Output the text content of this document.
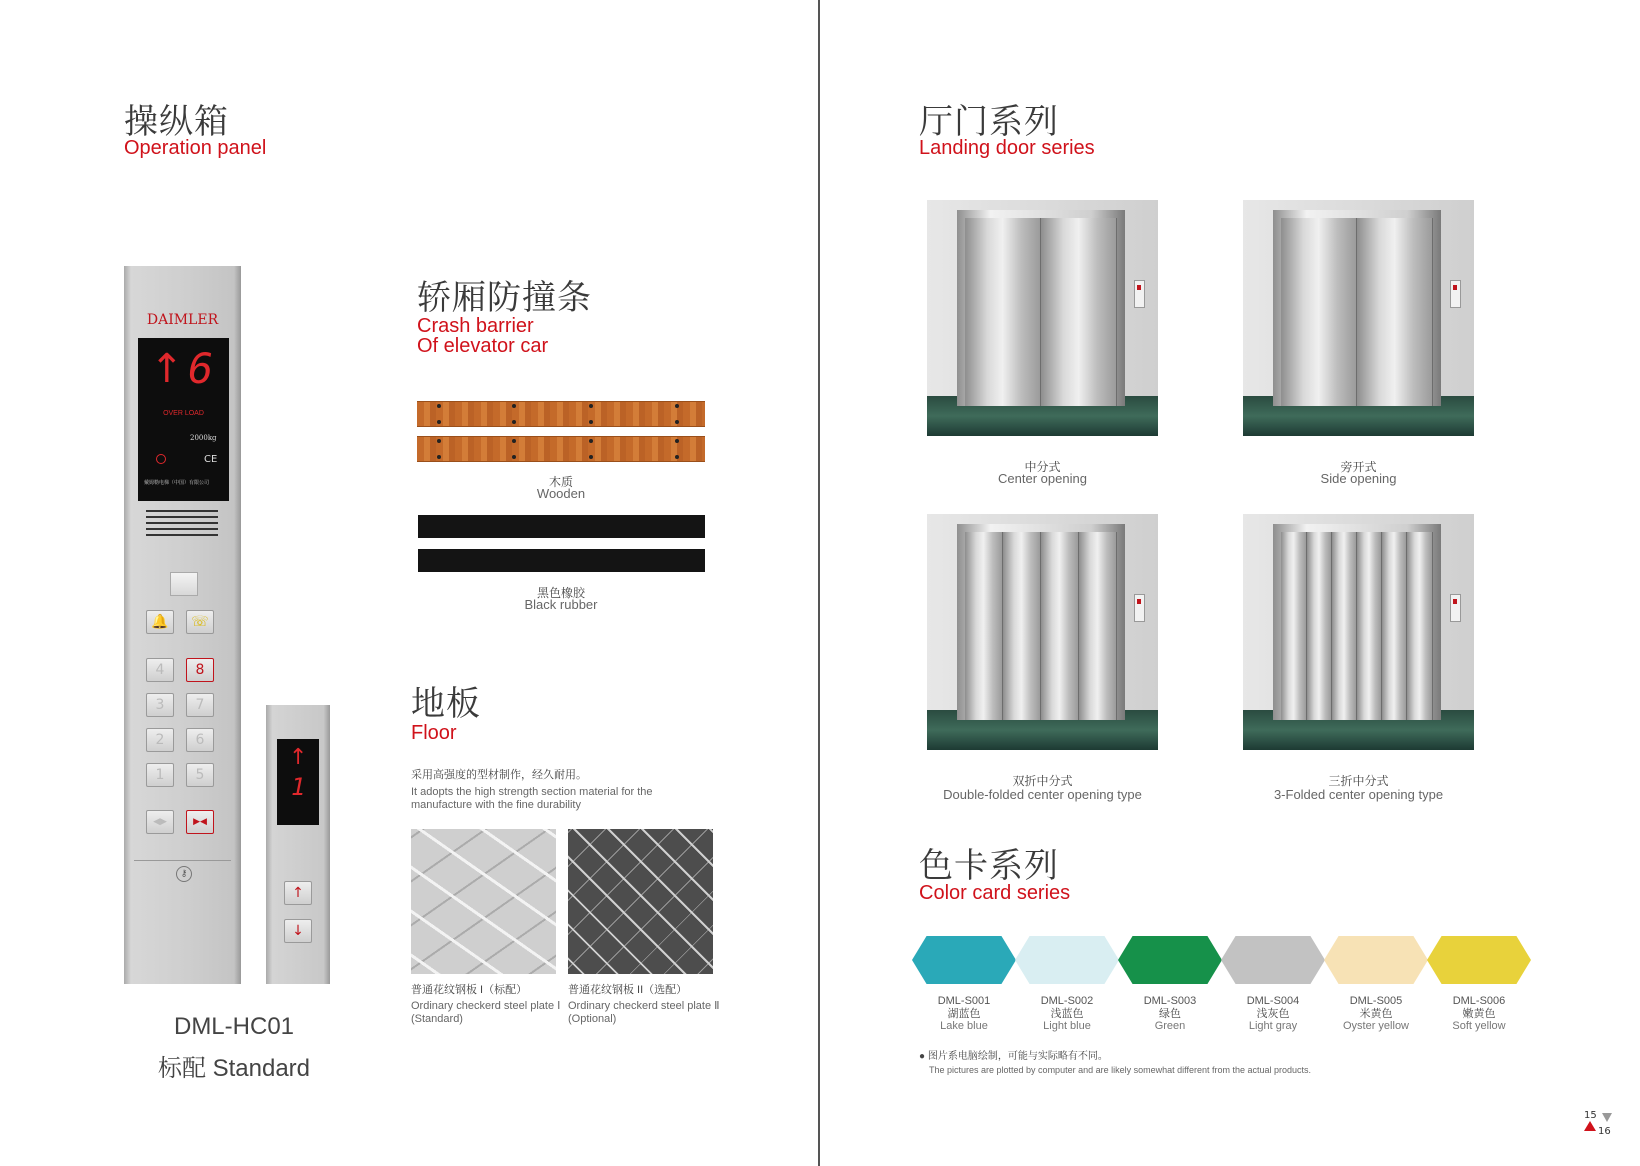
操纵箱
Operation panel
DAIMLER
↑ 6
OVER LOAD
2000kg
CE
戴姆勒电梯（中国）有限公司
🔔	☏
4	8
3	7
2	6
1	5
◀▶	▶◀
⚷
↑
1
↑
↓
DML-HC01
标配 Standard
轿厢防撞条
Crash barrier
Of elevator car
木质
Wooden
黑色橡胶
Black rubber
地板
Floor
采用高强度的型材制作，经久耐用。
It adopts the high strength section material for the
manufacture with the fine durability
普通花纹钢板 I（标配）
Ordinary checkerd steel plate Ⅰ
(Standard)
普通花纹钢板 II（选配）
Ordinary checkerd steel plate Ⅱ
(Optional)
厅门系列
Landing door series
中分式
Center opening
旁开式
Side opening
双折中分式
Double-folded center opening type
三折中分式
3-Folded center opening type
色卡系列
Color card series
DML-S001
湖蓝色
Lake blue
DML-S002
浅蓝色
Light blue
DML-S003
绿色
Green
DML-S004
浅灰色
Light gray
DML-S005
米黄色
Oyster yellow
DML-S006
嫩黄色
Soft yellow
● 图片系电脑绘制，可能与实际略有不同。
The pictures are plotted by computer and are likely somewhat different from the actual products.
15
16
